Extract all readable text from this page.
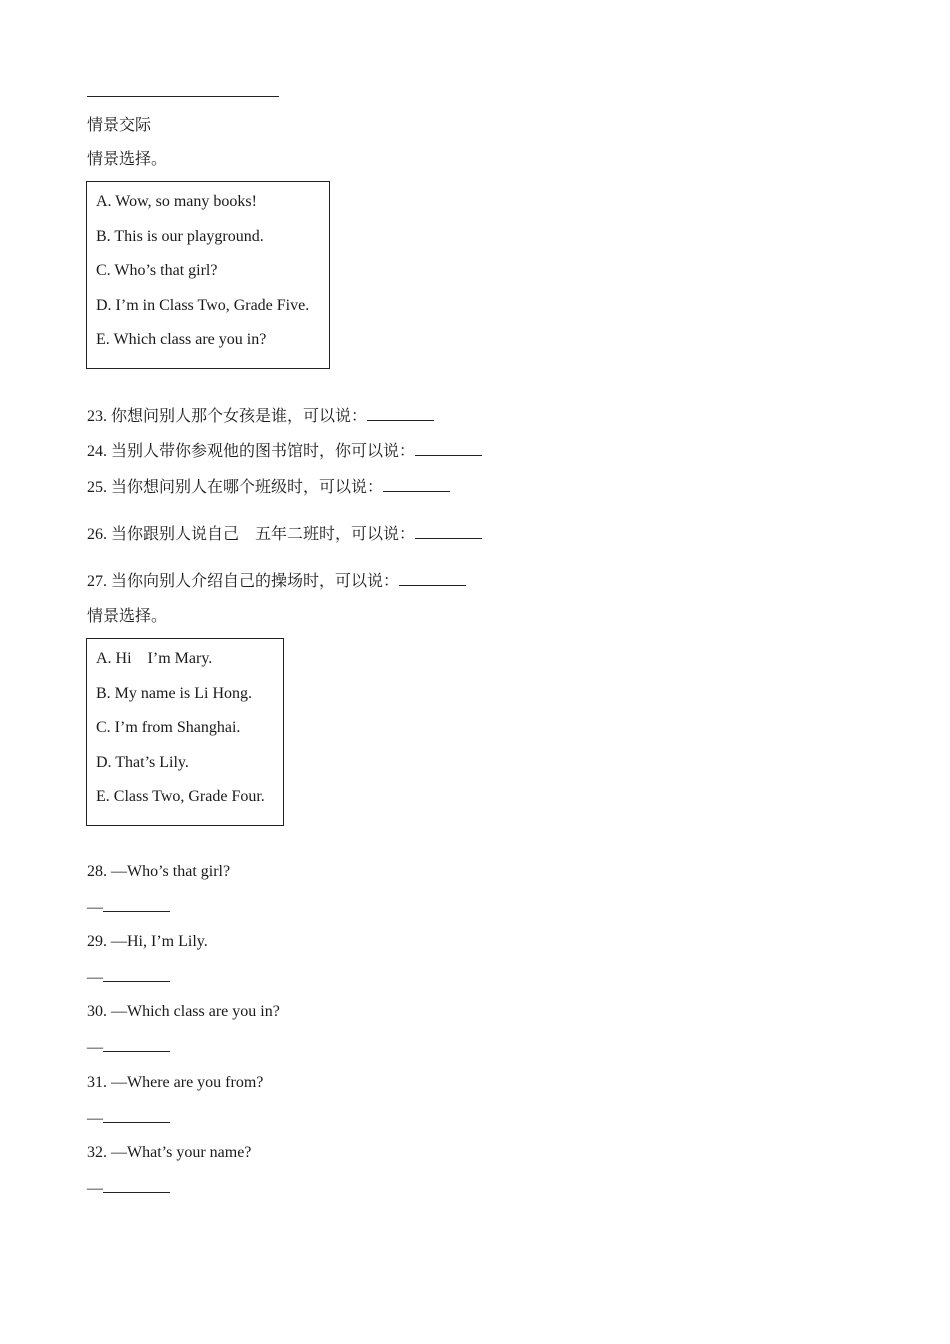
情景交际
情景选择。
A. Wow, so many books!
B. This is our playground.
C. Who’s that girl?
D. I’m in Class Two, Grade Five.
E. Which class are you in?
23. 你想问别人那个女孩是谁，可以说：
24. 当别人带你参观他的图书馆时，你可以说：
25. 当你想问别人在哪个班级时，可以说：
26. 当你跟别人说自己　五年二班时，可以说：
27. 当你向别人介绍自己的操场时，可以说：
情景选择。
A. Hi　I’m Mary.
B. My name is Li Hong.
C. I’m from Shanghai.
D. That’s Lily.
E. Class Two, Grade Four.
28. —Who’s that girl?
—
29. —Hi, I’m Lily.
—
30. —Which class are you in?
—
31. —Where are you from?
—
32. —What’s your name?
—
